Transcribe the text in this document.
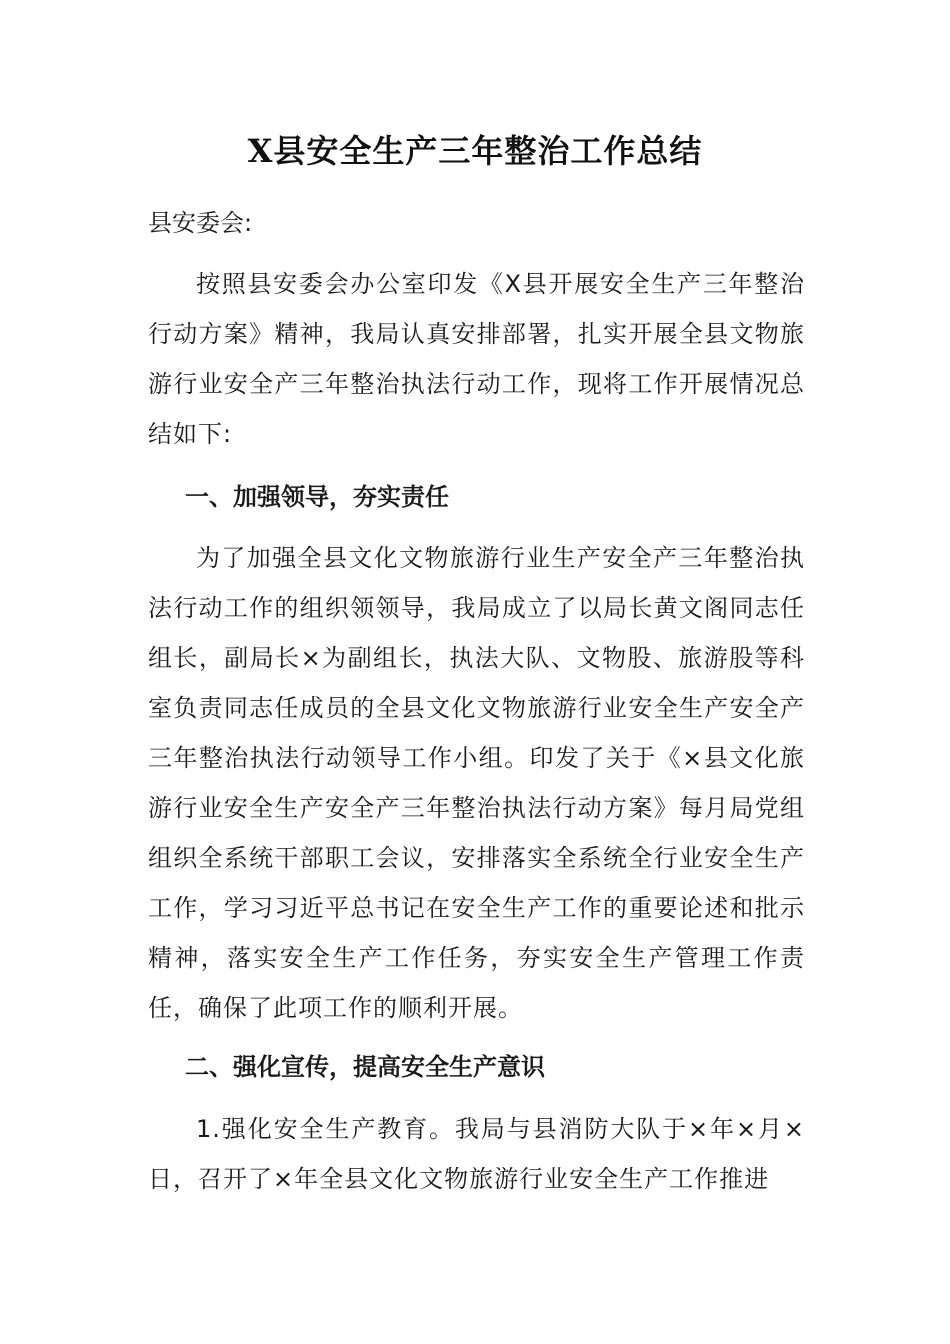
X县安全生产三年整治工作总结

县安委会:

按照县安委会办公室印发《X县开展安全生产三年整治行动方案》精神，我局认真安排部署，扎实开展全县文物旅游行业安全产三年整治执法行动工作，现将工作开展情况总结如下:

一、加强领导，夯实责任

为了加强全县文化文物旅游行业生产安全产三年整治执法行动工作的组织领领导，我局成立了以局长黄文阁同志任组长，副局长×为副组长，执法大队、文物股、旅游股等科室负责同志任成员的全县文化文物旅游行业安全生产安全产三年整治执法行动领导工作小组。印发了关于《×县文化旅游行业安全生产安全产三年整治执法行动方案》每月局党组组织全系统干部职工会议，安排落实全系统全行业安全生产工作，学习习近平总书记在安全生产工作的重要论述和批示精神，落实安全生产工作任务，夯实安全生产管理工作责任，确保了此项工作的顺利开展。

二、强化宣传，提高安全生产意识

1.强化安全生产教育。我局与县消防大队于×年×月×日，召开了×年全县文化文物旅游行业安全生产工作推进
